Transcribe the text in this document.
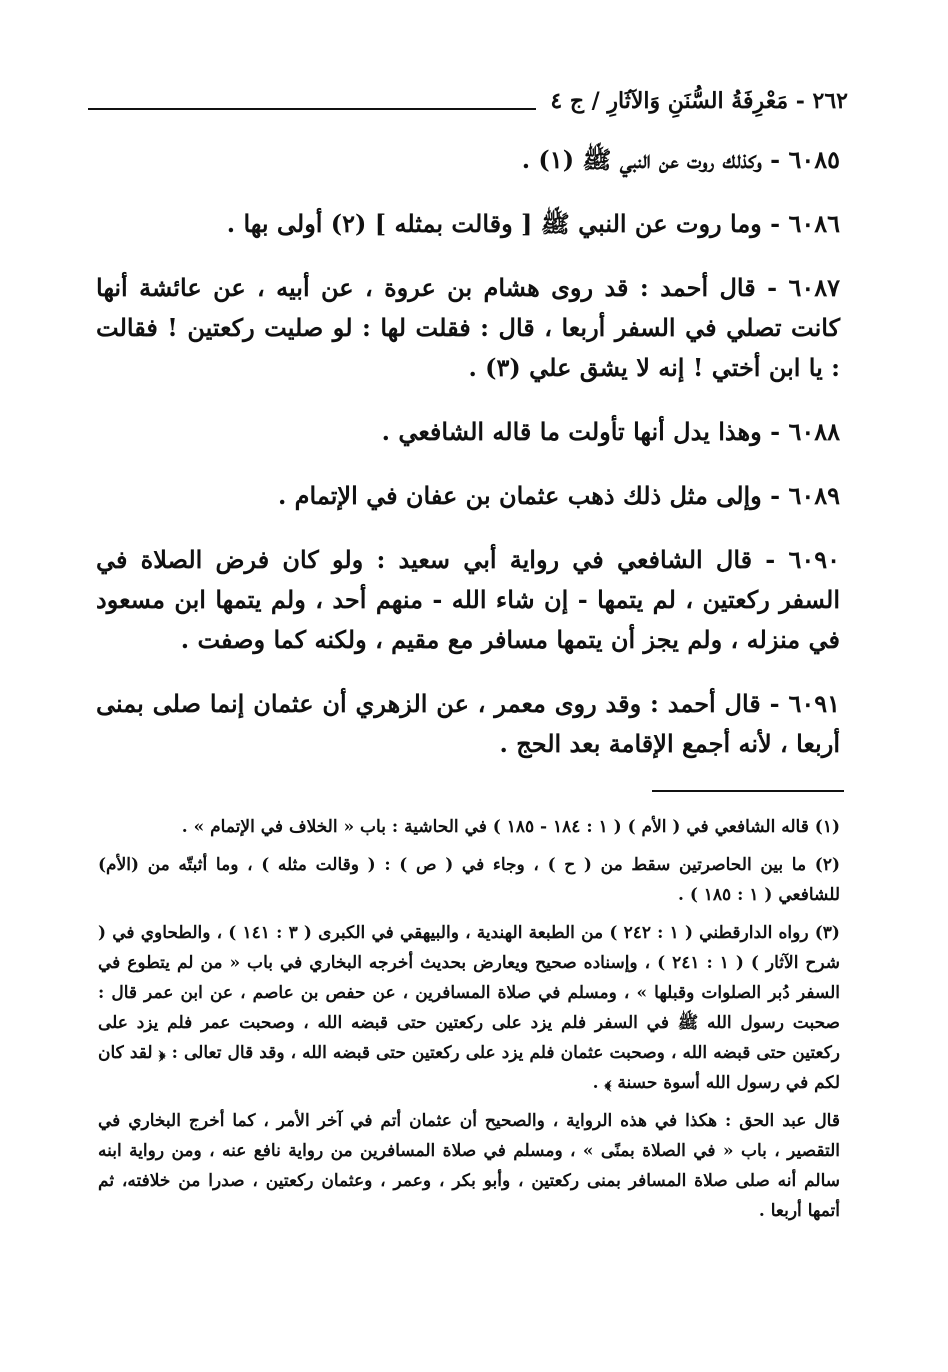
٢٦٢ - مَعْرِفَةُ السُّنَنِ وَالآثَارِ / ج ٤

٦٠٨٥ - وكذلك روت عن النبي ﷺ (١) .

٦٠٨٦ - وما روت عن النبي ﷺ [ وقالت بمثله ] (٢) أولى بها .

٦٠٨٧ - قال أحمد : قد روى هشام بن عروة ، عن أبيه ، عن عائشة أنها كانت تصلي في السفر أربعا ، قال : فقلت لها : لو صليت ركعتين ! فقالت : يا ابن أختي ! إنه لا يشق علي (٣) .

٦٠٨٨ - وهذا يدل أنها تأولت ما قاله الشافعي .

٦٠٨٩ - وإلى مثل ذلك ذهب عثمان بن عفان في الإتمام .

٦٠٩٠ - قال الشافعي في رواية أبي سعيد : ولو كان فرض الصلاة في السفر ركعتين ، لم يتمها - إن شاء الله - منهم أحد ، ولم يتمها ابن مسعود في منزله ، ولم يجز أن يتمها مسافر مع مقيم ، ولكنه كما وصفت .

٦٠٩١ - قال أحمد : وقد روى معمر ، عن الزهري أن عثمان إنما صلى بمنى أربعا ، لأنه أجمع الإقامة بعد الحج .

(١) قاله الشافعي في ( الأم ) ( ١ : ١٨٤ - ١٨٥ ) في الحاشية : باب « الخلاف في الإتمام » .

(٢) ما بين الحاصرتين سقط من ( ح ) ، وجاء في ( ص ) : ( وقالت مثله ) ، وما أثبتّه من (الأم) للشافعي ( ١ : ١٨٥ ) .

(٣) رواه الدارقطني ( ١ : ٢٤٢ ) من الطبعة الهندية ، والبيهقي في الكبرى ( ٣ : ١٤١ ) ، والطحاوي في ( شرح الآثار ) ( ١ : ٢٤١ ) ، وإسناده صحيح ويعارض بحديث أخرجه البخاري في باب « من لم يتطوع في السفر دُبر الصلوات وقبلها » ، ومسلم في صلاة المسافرين ، عن حفص بن عاصم ، عن ابن عمر قال : صحبت رسول الله ﷺ في السفر فلم يزد على ركعتين حتى قبضه الله ، وصحبت عمر فلم يزد على ركعتين حتى قبضه الله ، وصحبت عثمان فلم يزد على ركعتين حتى قبضه الله ، وقد قال تعالى : ﴿ لقد كان لكم في رسول الله أسوة حسنة ﴾ .

قال عبد الحق : هكذا في هذه الرواية ، والصحيح أن عثمان أتم في آخر الأمر ، كما أخرج البخاري في التقصير ، باب « في الصلاة بمنًى » ، ومسلم في صلاة المسافرين من رواية نافع عنه ، ومن رواية ابنه سالم أنه صلى صلاة المسافر بمنى ركعتين ، وأبو بكر ، وعمر ، وعثمان ركعتين ، صدرا من خلافته، ثم أتمها أربعا .
